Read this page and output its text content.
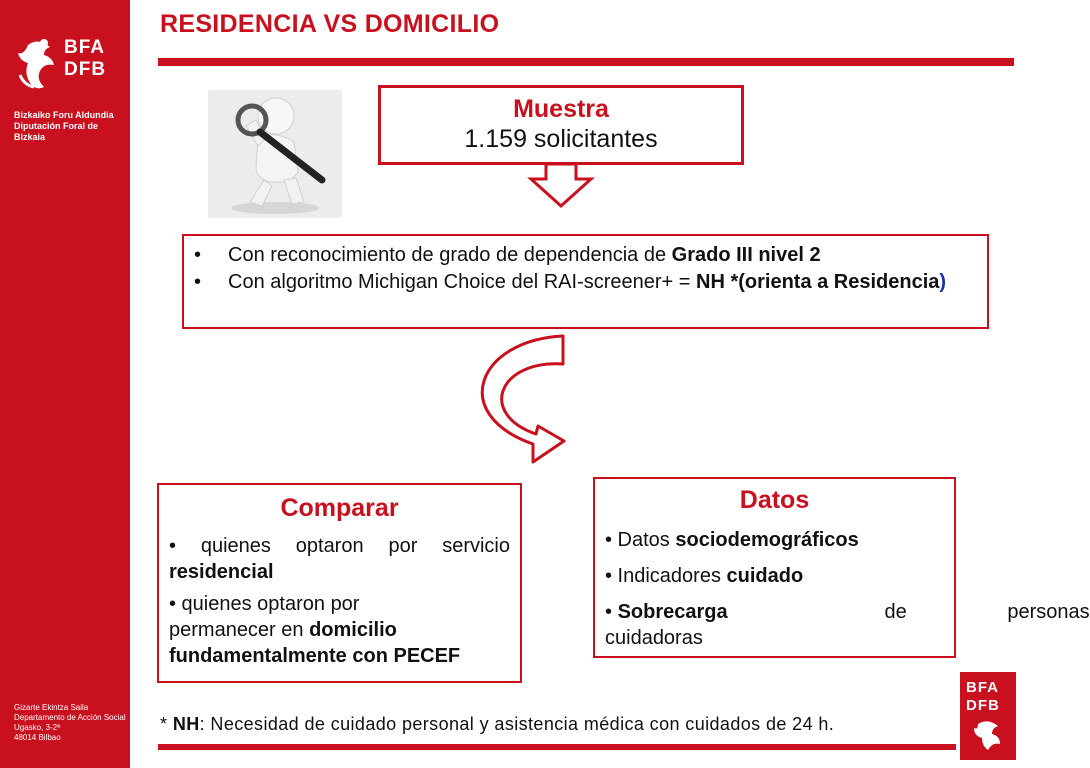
BFA
DFB
Bizkaiko Foru Aldundia
Diputación Foral de Bizkaia
Gizarte Ekintza Saila
Departamento de Acción Social
Ugasko, 3-2ª
48014 Bilbao
RESIDENCIA VS DOMICILIO
Muestra
1.159 solicitantes
• Con reconocimiento de grado de dependencia de Grado III nivel 2
• Con algoritmo Michigan Choice del RAI-screener+ = NH *(orienta a Residencia)
Comparar
• quienes optaron por servicio
residencial
• quienes optaron por
permanecer en domicilio
fundamentalmente con PECEF
Datos
• Datos sociodemográficos
• Indicadores cuidado
• Sobrecarga	de personas
cuidadoras
* NH: Necesidad de cuidado personal y asistencia médica con cuidados de 24 h.
BFA
DFB
